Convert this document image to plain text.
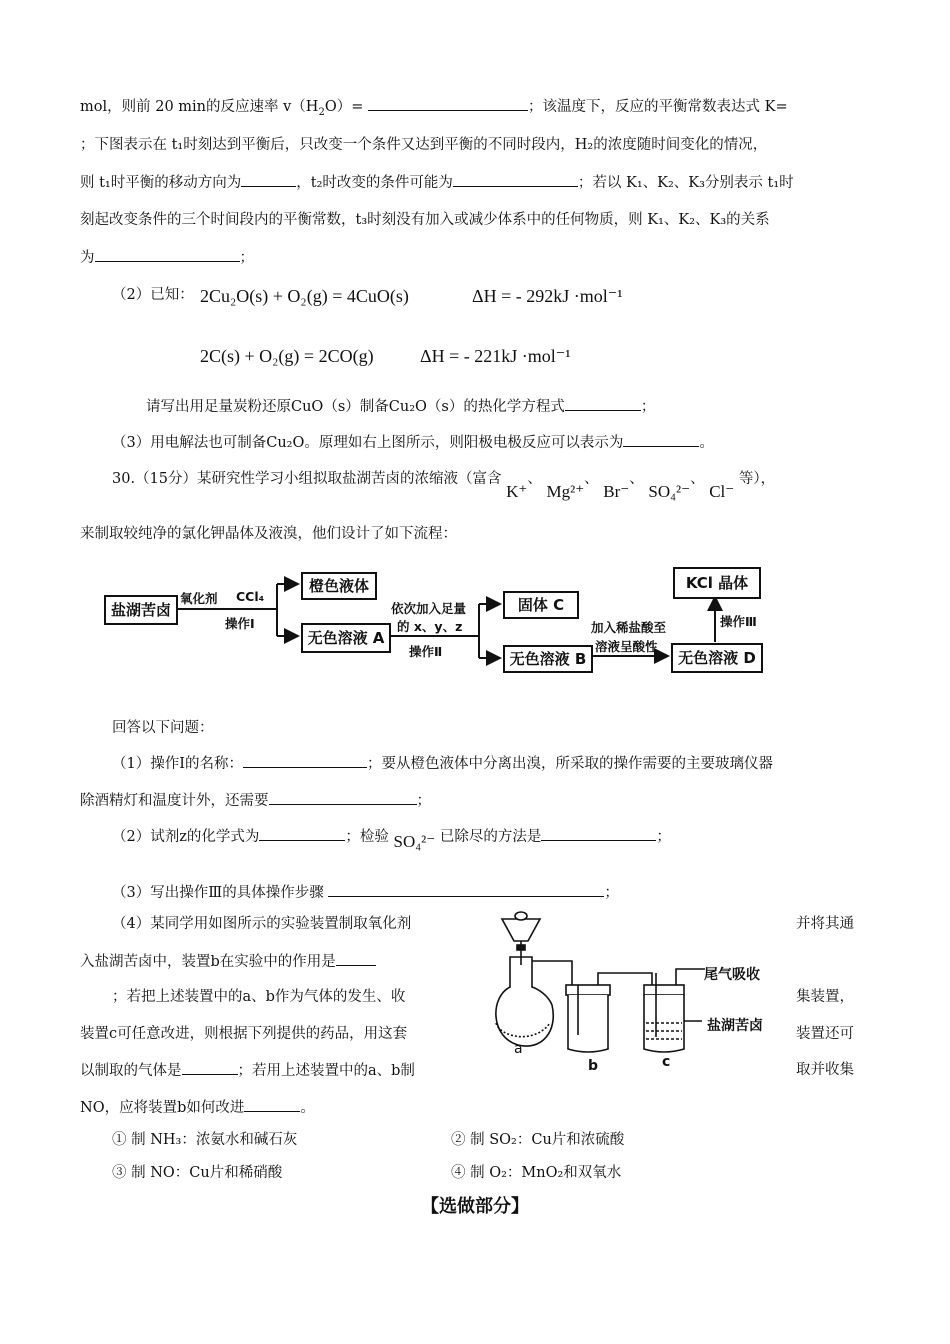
mol，则前 20 min的反应速率 $v(H_2O)=$	；该温度下，反应的平衡常数表达式 K=
；下图表示在 t₁时刻达到平衡后，只改变一个条件又达到平衡的不同时段内，H₂的浓度随时间变化的情况，
则 t₁时平衡的移动方向为	，t₂时改变的条件可能为	；若以 K₁、K₂、K₃分别表示 t₁时
刻起改变条件的三个时间段内的平衡常数，t₃时刻没有加入或减少体系中的任何物质，则 K₁、K₂、K₃的关系
为	；
（2）已知： 2Cu₂O(s) + O₂(g) = 4CuO(s)	ΔH = - 292kJ ·mol⁻¹
2C(s) + O₂(g) = 2CO(g)	ΔH = - 221kJ ·mol⁻¹
请写出用足量炭粉还原CuO（s）制备Cu₂O（s）的热化学方程式	；
（3）用电解法也可制备Cu₂O。原理如右上图所示，则阳极电极反应可以表示为	。
30.（15分）某研究性学习小组拟取盐湖苦卤的浓缩液（富含 K⁺、 Mg²⁺、 Br⁻、 SO₄²⁻、 Cl⁻ 等），
来制取较纯净的氯化钾晶体及液溴，他们设计了如下流程：
盐湖苦卤
橙色液体
无色溶液 A
固体 C
无色溶液 B	无色溶液 D
KCl 晶体
氧化剂 CCl₄
操作Ⅰ
依次加入足量
的 x、y、z
操作Ⅱ
加入稀盐酸至
溶液呈酸性
操作Ⅲ
回答以下问题：
（1）操作Ⅰ的名称：	；要从橙色液体中分离出溴，所采取的操作需要的主要玻璃仪器
除酒精灯和温度计外，还需要	；
（2）试剂z的化学式为	；检验 SO₄²⁻ 已除尽的方法是	；
（3）写出操作Ⅲ的具体操作步骤	；
（4）某同学用如图所示的实验装置制取氧化剂	并将其通
入盐湖苦卤中，装置b在实验中的作用是
；若把上述装置中的a、b作为气体的发生、收	集装置，
装置c可任意改进，则根据下列提供的药品，用这套	装置还可
以制取的气体是	；若用上述装置中的a、b制	取并收集
NO，应将装置b如何改进	。
① 制 NH₃：浓氨水和碱石灰	② 制 SO₂：Cu片和浓硫酸
③ 制 NO：Cu片和稀硝酸	④ 制 O₂：MnO₂和双氧水
尾气吸收
盐湖苦卤
a
b	c
【选做部分】
